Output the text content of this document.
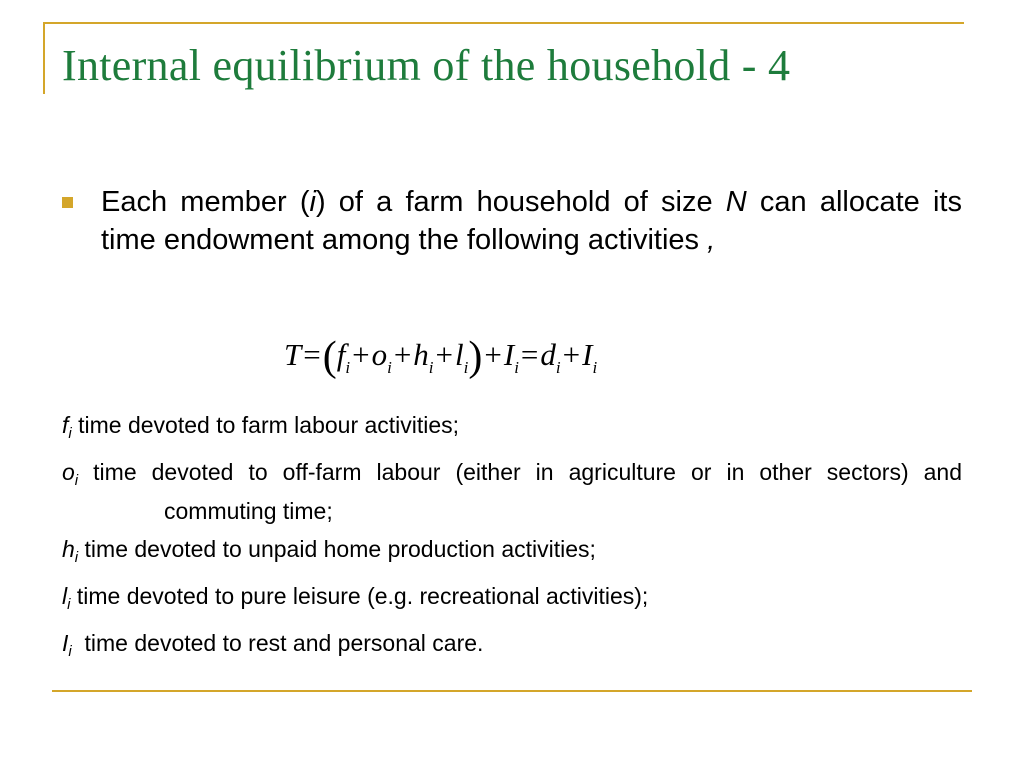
Internal equilibrium of the household - 4
Each member (i) of a farm household of size N can allocate its time endowment among the following activities ,
$T=(f_i+o_i+h_i+l_i)+I_i=d_i+I_i$
$f_i$ time devoted to farm labour activities;
$o_i$ time devoted to off-farm labour (either in agriculture or in other sectors) and commuting time;
$h_i$ time devoted to unpaid home production activities;
$l_i$ time devoted to pure leisure (e.g. recreational activities);
$I_i$  time devoted to rest and personal care.
